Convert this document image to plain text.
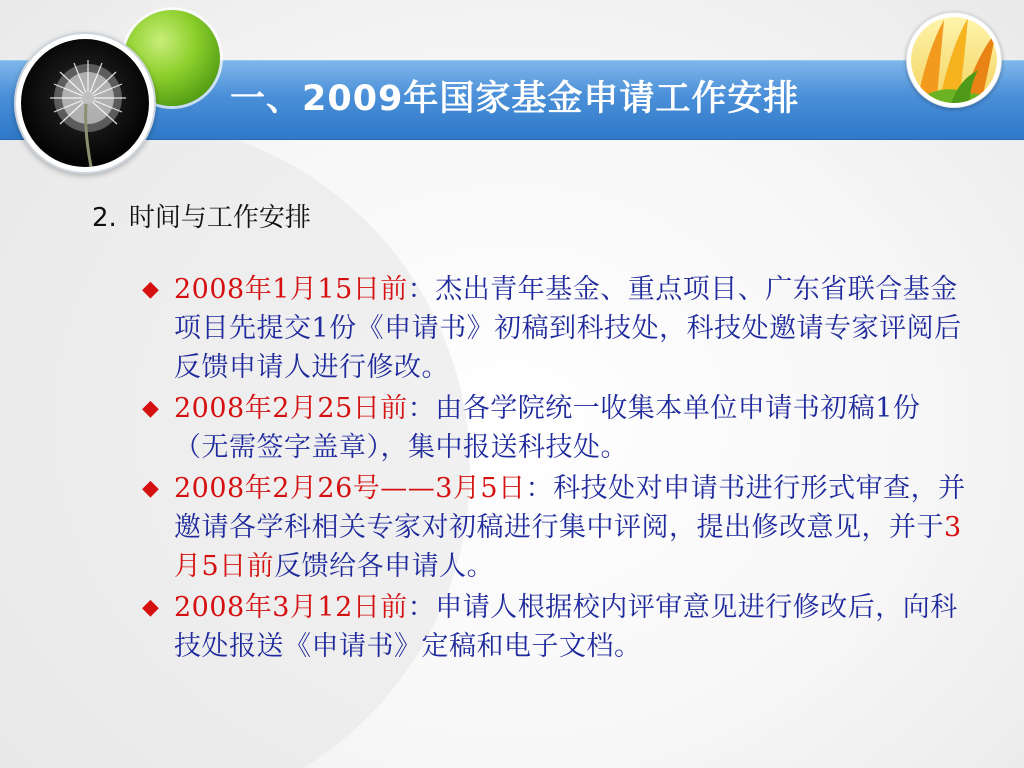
一、2009年国家基金申请工作安排
2. 时间与工作安排
◆ 2008年1月15日前：杰出青年基金、重点项目、广东省联合基金项目先提交1份《申请书》初稿到科技处，科技处邀请专家评阅后反馈申请人进行修改。
◆ 2008年2月25日前：由各学院统一收集本单位申请书初稿1份（无需签字盖章），集中报送科技处。
◆ 2008年2月26号——3月5日：科技处对申请书进行形式审查，并邀请各学科相关专家对初稿进行集中评阅，提出修改意见，并于3月5日前反馈给各申请人。
◆ 2008年3月12日前：申请人根据校内评审意见进行修改后，向科技处报送《申请书》定稿和电子文档。
